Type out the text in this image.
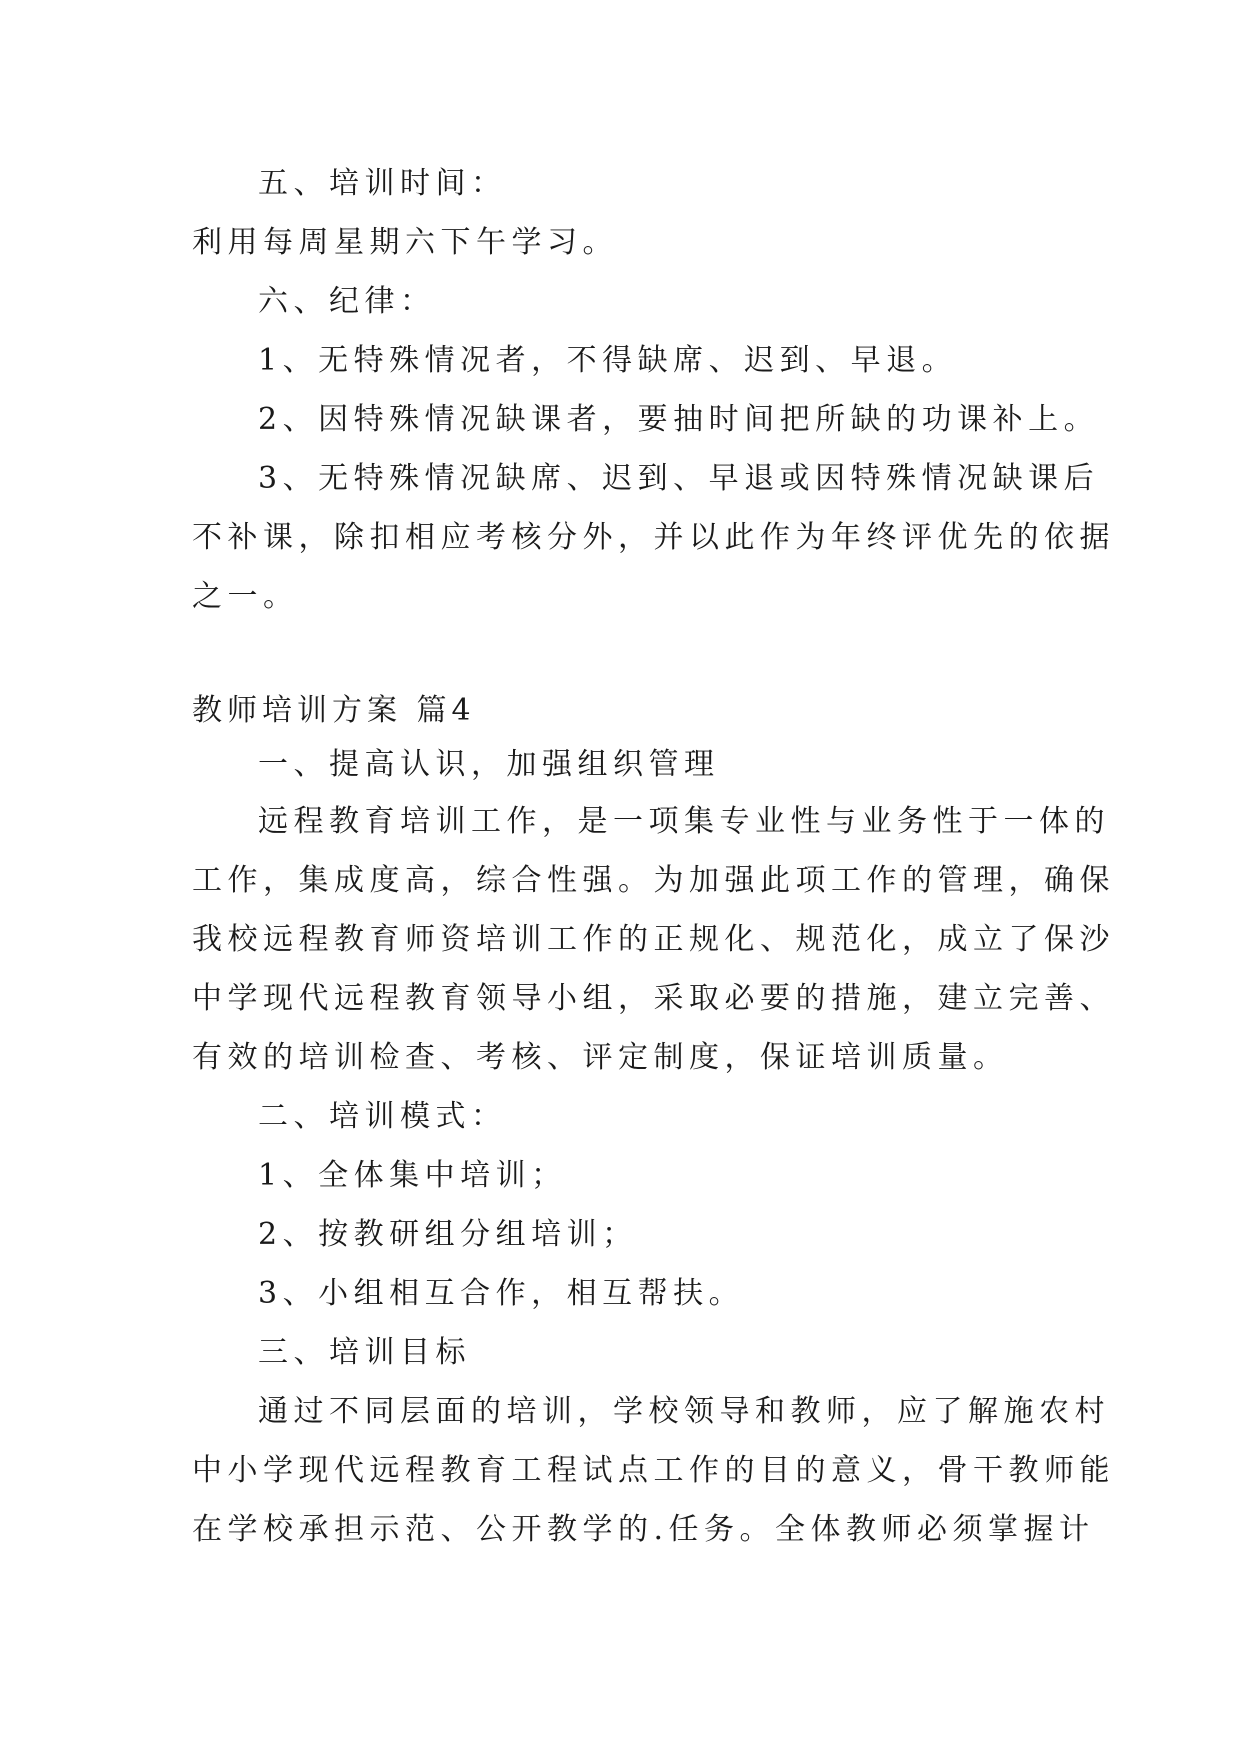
五、培训时间：

利用每周星期六下午学习。

六、纪律：

1、无特殊情况者，不得缺席、迟到、早退。

2、因特殊情况缺课者，要抽时间把所缺的功课补上。

3、无特殊情况缺席、迟到、早退或因特殊情况缺课后

不补课，除扣相应考核分外，并以此作为年终评优先的依据

之一。

教师培训方案 篇4

一、提高认识，加强组织管理

远程教育培训工作，是一项集专业性与业务性于一体的

工作，集成度高，综合性强。为加强此项工作的管理，确保

我校远程教育师资培训工作的正规化、规范化，成立了保沙

中学现代远程教育领导小组，采取必要的措施，建立完善、

有效的培训检查、考核、评定制度，保证培训质量。

二、培训模式：

1、全体集中培训；

2、按教研组分组培训；

3、小组相互合作，相互帮扶。

三、培训目标

通过不同层面的培训，学校领导和教师，应了解施农村

中小学现代远程教育工程试点工作的目的意义，骨干教师能

在学校承担示范、公开教学的.任务。全体教师必须掌握计
